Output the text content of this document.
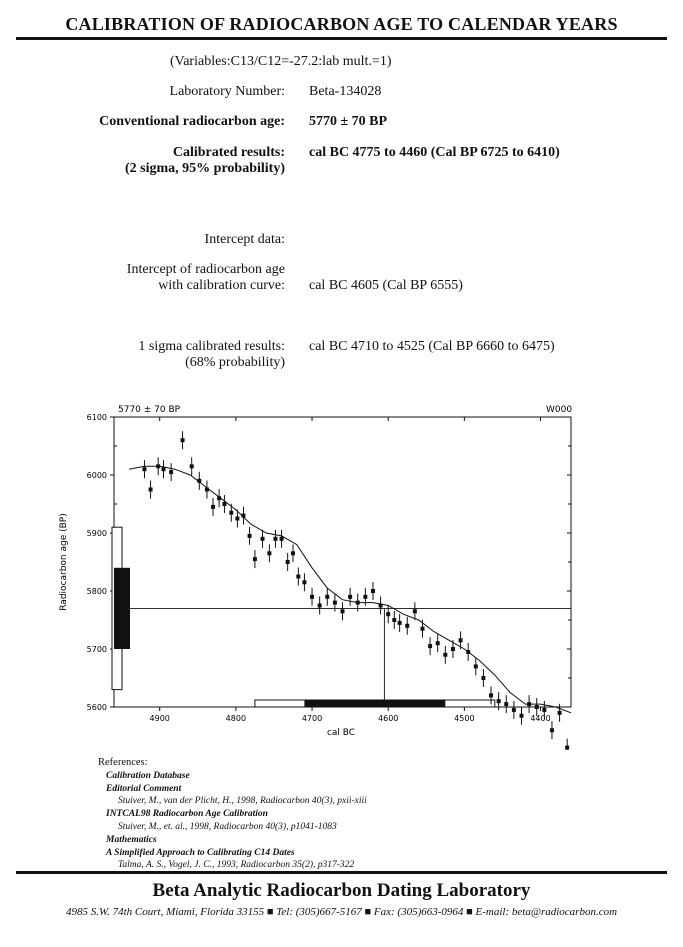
CALIBRATION OF RADIOCARBON AGE TO CALENDAR YEARS
(Variables:C13/C12=-27.2:lab mult.=1)
Laboratory Number: Beta-134028
Conventional radiocarbon age: 5770 ± 70 BP
Calibrated results:
(2 sigma, 95% probability)
cal BC 4775 to 4460 (Cal BP 6725 to 6410)
Intercept data:
Intercept of radiocarbon age
with calibration curve: cal BC 4605 (Cal BP 6555)
1 sigma calibrated results:
(68% probability)
cal BC 4710 to 4525 (Cal BP 6660 to 6475)
5770 ± 70 BP	W000
cal BC
Radiocarbon age (BP)
5600
5700
5800
5900
6000
6100
4900	4800	4700	4600	4500	4400
References:
Calibration Database
Editorial Comment
Stuiver, M., van der Plicht, H., 1998, Radiocarbon 40(3), pxii-xiii
INTCAL98 Radiocarbon Age Calibration
Stuiver, M., et. al., 1998, Radiocarbon 40(3), p1041-1083
Mathematics
A Simplified Approach to Calibrating C14 Dates
Talma, A. S., Vogel, J. C., 1993, Radiocarbon 35(2), p317-322
Beta Analytic Radiocarbon Dating Laboratory
4985 S.W. 74th Court, Miami, Florida 33155 ■ Tel: (305)667-5167 ■ Fax: (305)663-0964 ■ E-mail: beta@radiocarbon.com
